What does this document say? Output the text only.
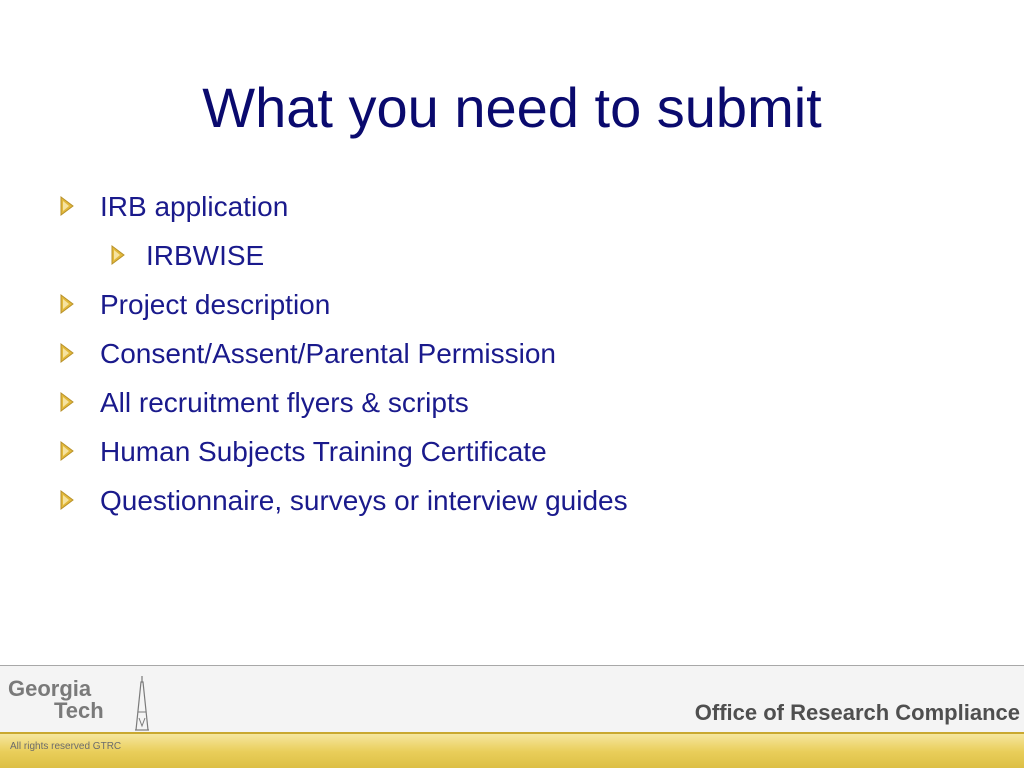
What you need to submit
IRB application
IRBWISE
Project description
Consent/Assent/Parental Permission
All recruitment flyers & scripts
Human Subjects Training Certificate
Questionnaire, surveys or interview guides
Georgia
Tech	Office of Research Compliance
All rights reserved GTRC
